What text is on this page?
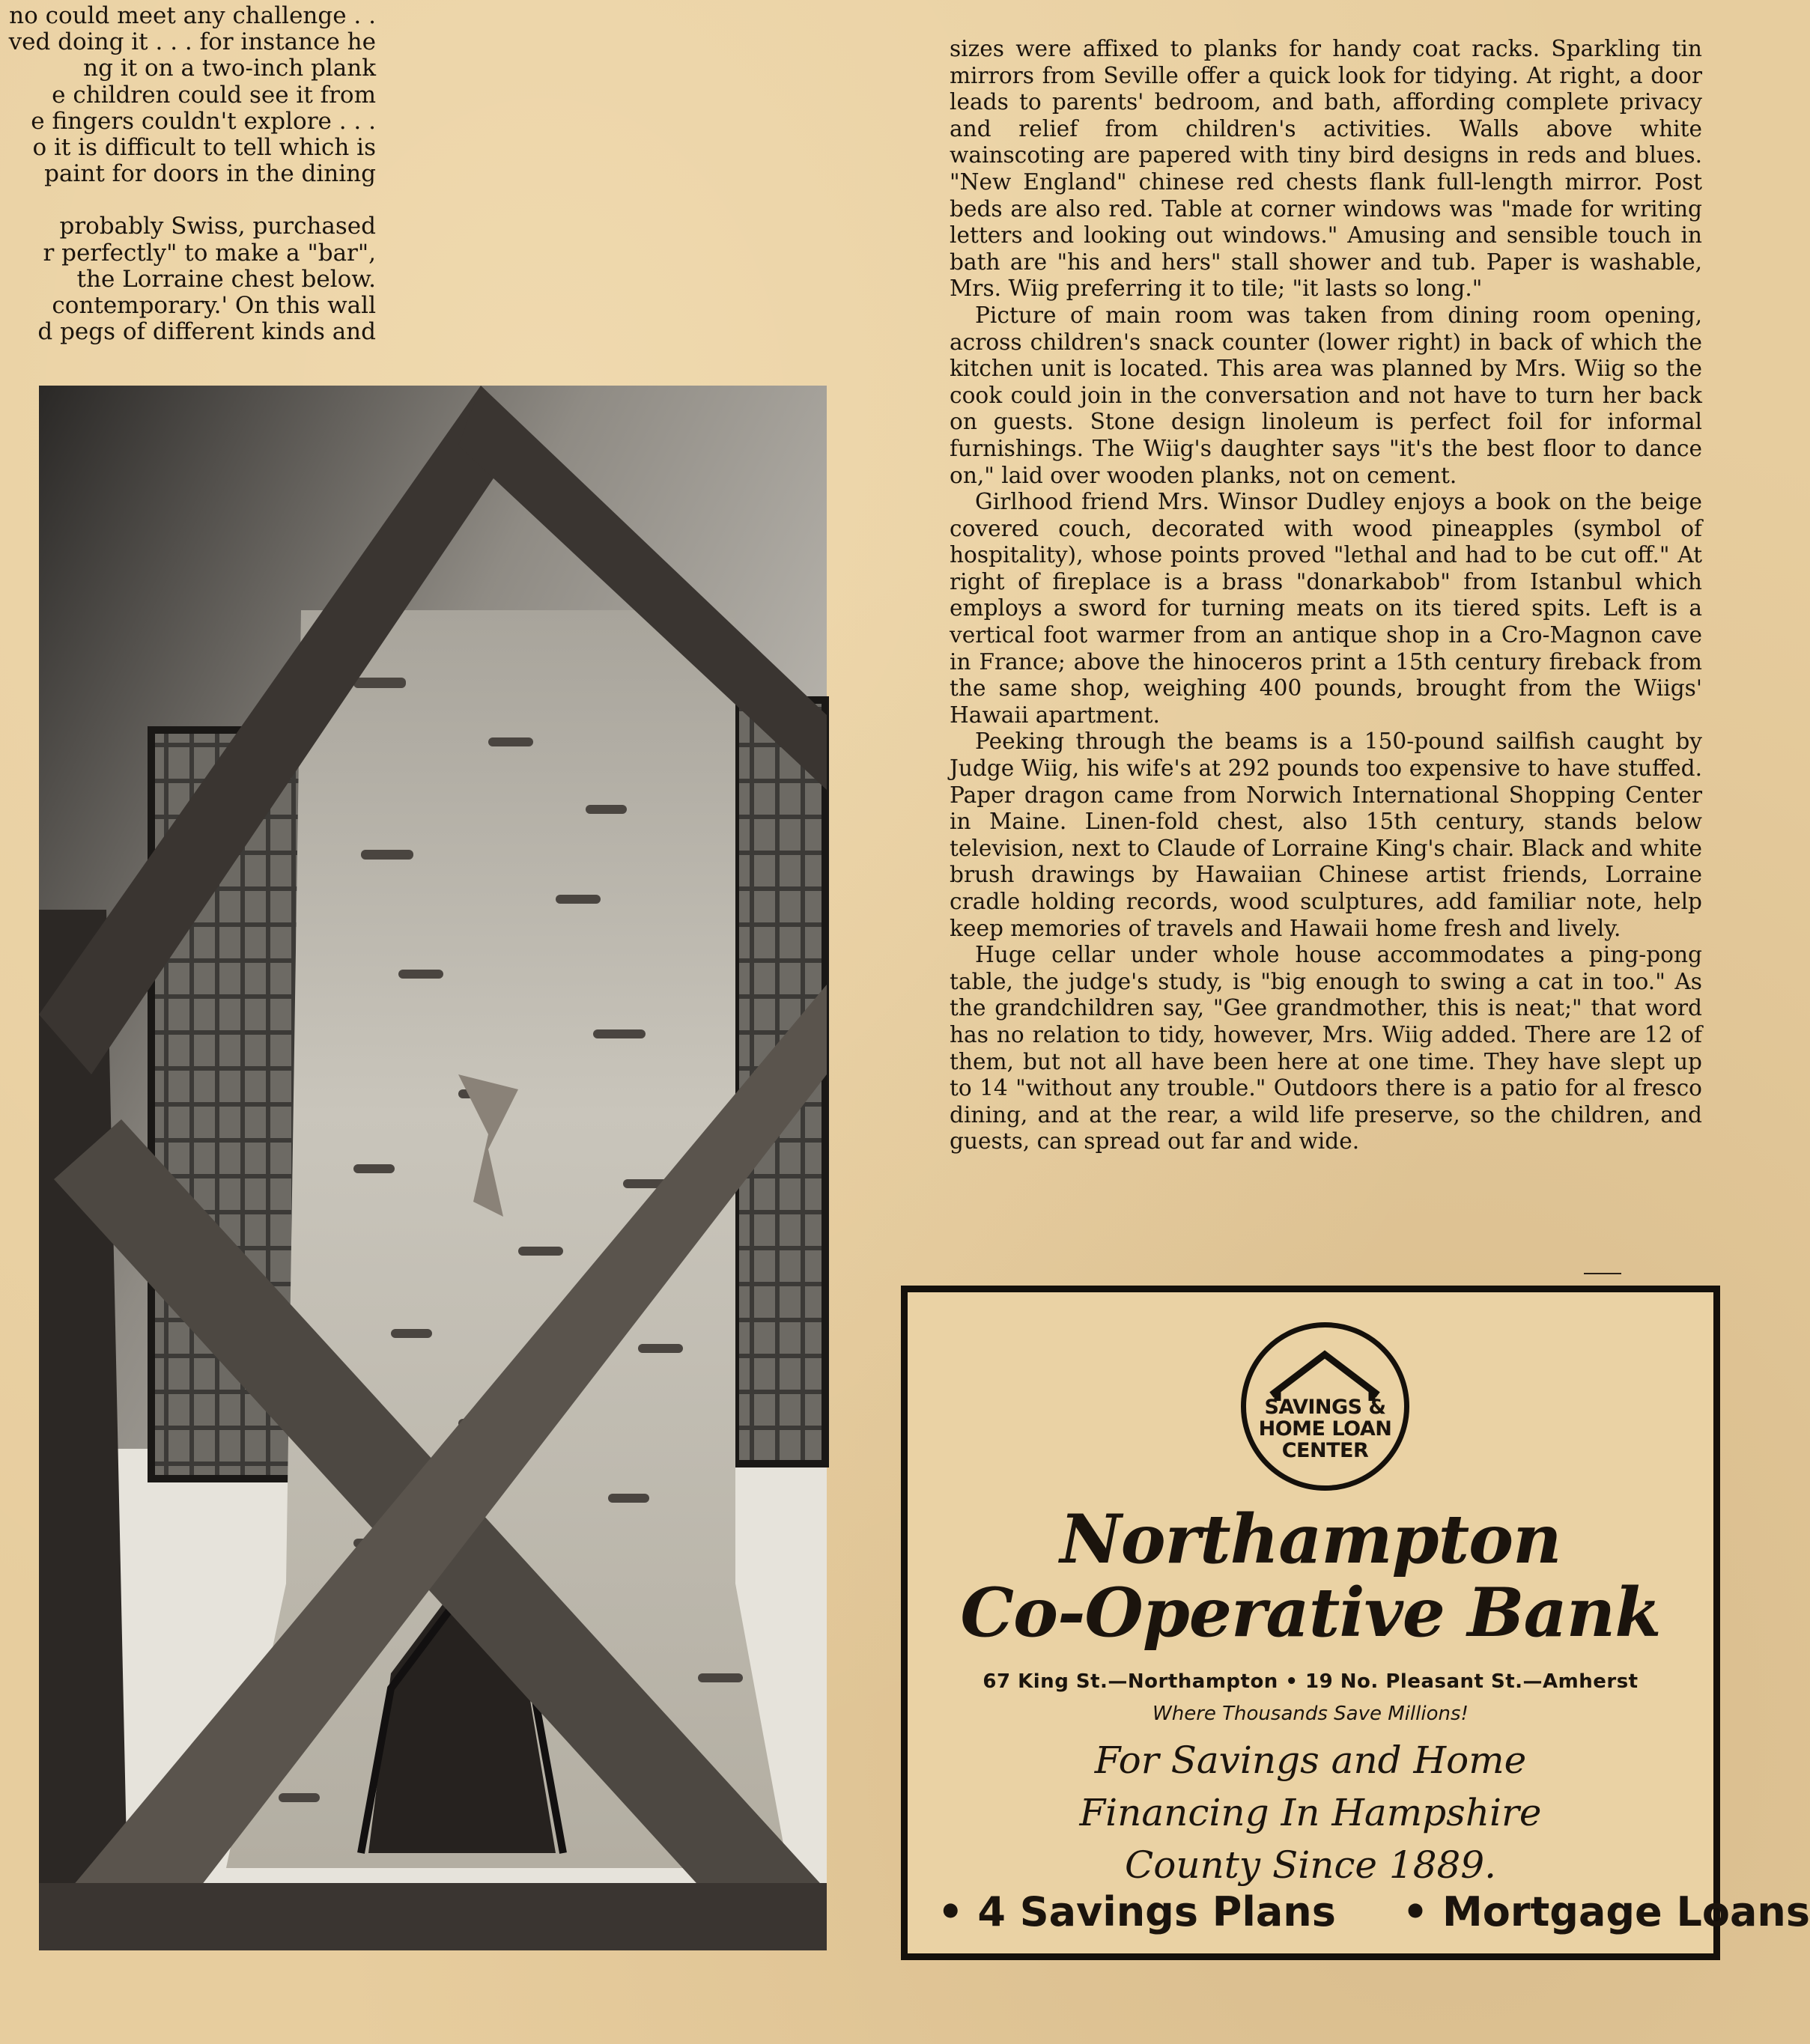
no could meet any challenge . .
ved doing it . . . for instance he
ng it on a two-inch plank
e children could see it from
e fingers couldn't explore . . .
o it is difficult to tell which is
paint for doors in the dining
probably Swiss, purchased
r perfectly" to make a "bar",
the Lorraine chest below.
contemporary.' On this wall
d pegs of different kinds and

sizes were affixed to planks for handy coat racks. Sparkling tin mirrors from Seville offer a quick look for tidying. At right, a door leads to parents' bedroom, and bath, affording complete privacy and relief from children's activities. Walls above white wainscoting are papered with tiny bird designs in reds and blues. "New England" chinese red chests flank full-length mirror. Post beds are also red. Table at corner windows was "made for writing letters and looking out windows." Amusing and sensible touch in bath are "his and hers" stall shower and tub. Paper is washable, Mrs. Wiig preferring it to tile; "it lasts so long."

Picture of main room was taken from dining room opening, across children's snack counter (lower right) in back of which the kitchen unit is located. This area was planned by Mrs. Wiig so the cook could join in the conversation and not have to turn her back on guests. Stone design linoleum is perfect foil for informal furnishings. The Wiig's daughter says "it's the best floor to dance on," laid over wooden planks, not on cement.

Girlhood friend Mrs. Winsor Dudley enjoys a book on the beige covered couch, decorated with wood pineapples (symbol of hospitality), whose points proved "lethal and had to be cut off." At right of fireplace is a brass "donarkabob" from Istanbul which employs a sword for turning meats on its tiered spits. Left is a vertical foot warmer from an antique shop in a Cro-Magnon cave in France; above the hinoceros print a 15th century fireback from the same shop, weighing 400 pounds, brought from the Wiigs' Hawaii apartment.

Peeking through the beams is a 150-pound sailfish caught by Judge Wiig, his wife's at 292 pounds too expensive to have stuffed. Paper dragon came from Norwich International Shopping Center in Maine. Linen-fold chest, also 15th century, stands below television, next to Claude of Lorraine King's chair. Black and white brush drawings by Hawaiian Chinese artist friends, Lorraine cradle holding records, wood sculptures, add familiar note, help keep memories of travels and Hawaii home fresh and lively.

Huge cellar under whole house accommodates a ping-pong table, the judge's study, is "big enough to swing a cat in too." As the grandchildren say, "Gee grandmother, this is neat;" that word has no relation to tidy, however, Mrs. Wiig added. There are 12 of them, but not all have been here at one time. They have slept up to 14 "without any trouble." Outdoors there is a patio for al fresco dining, and at the rear, a wild life preserve, so the children, and guests, can spread out far and wide.

SAVINGS &
HOME LOAN
CENTER
Northampton
Co-Operative Bank
67 King St.—Northampton • 19 No. Pleasant St.—Amherst
Where Thousands Save Millions!
For Savings and Home
Financing In Hampshire
County Since 1889.
• 4 Savings Plans • Mortgage Loans
